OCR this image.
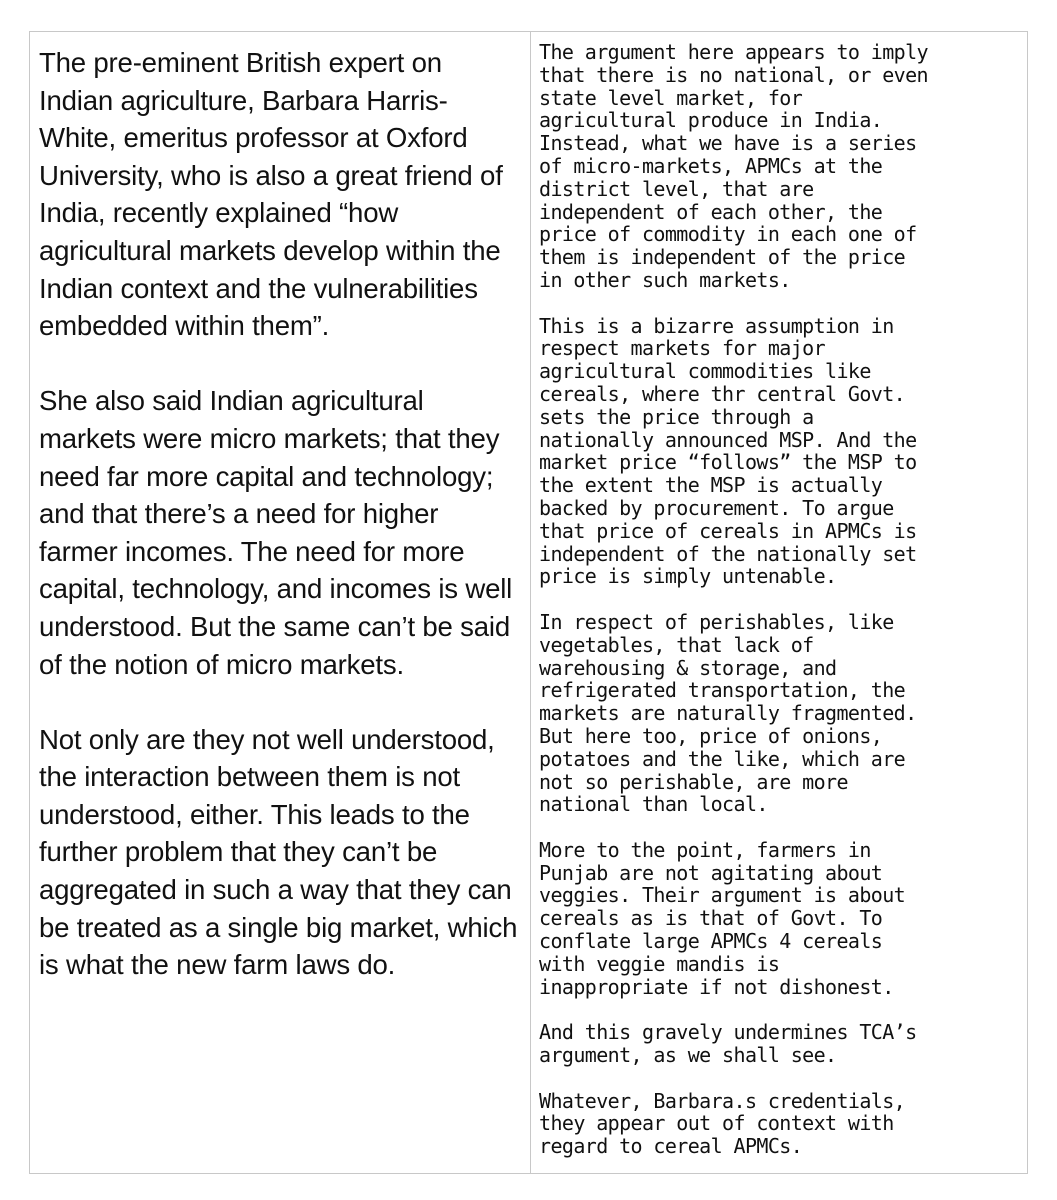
The pre-eminent British expert on Indian agriculture, Barbara Harris-White, emeritus professor at Oxford University, who is also a great friend of India, recently explained “how agricultural markets develop within the Indian context and the vulnerabilities embedded within them”.

She also said Indian agricultural markets were micro markets; that they need far more capital and technology; and that there’s a need for higher farmer incomes. The need for more capital, technology, and incomes is well understood. But the same can’t be said of the notion of micro markets.

Not only are they not well understood, the interaction between them is not understood, either. This leads to the further problem that they can’t be aggregated in such a way that they can be treated as a single big market, which is what the new farm laws do.

The argument here appears to imply
that there is no national, or even
state level market, for
agricultural produce in India.
Instead, what we have is a series
of micro-markets, APMCs at the
district level, that are
independent of each other, the
price of commodity in each one of
them is independent of the price
in other such markets.

This is a bizarre assumption in
respect markets for major
agricultural commodities like
cereals, where thr central Govt.
sets the price through a
nationally announced MSP. And the
market price “follows” the MSP to
the extent the MSP is actually
backed by procurement. To argue
that price of cereals in APMCs is
independent of the nationally set
price is simply untenable.

In respect of perishables, like
vegetables, that lack of
warehousing & storage, and
refrigerated transportation, the
markets are naturally fragmented.
But here too, price of onions,
potatoes and the like, which are
not so perishable, are more
national than local.

More to the point, farmers in
Punjab are not agitating about
veggies. Their argument is about
cereals as is that of Govt. To
conflate large APMCs 4 cereals
with veggie mandis is
inappropriate if not dishonest.

And this gravely undermines TCA’s
argument, as we shall see.

Whatever, Barbara.s credentials,
they appear out of context with
regard to cereal APMCs.
